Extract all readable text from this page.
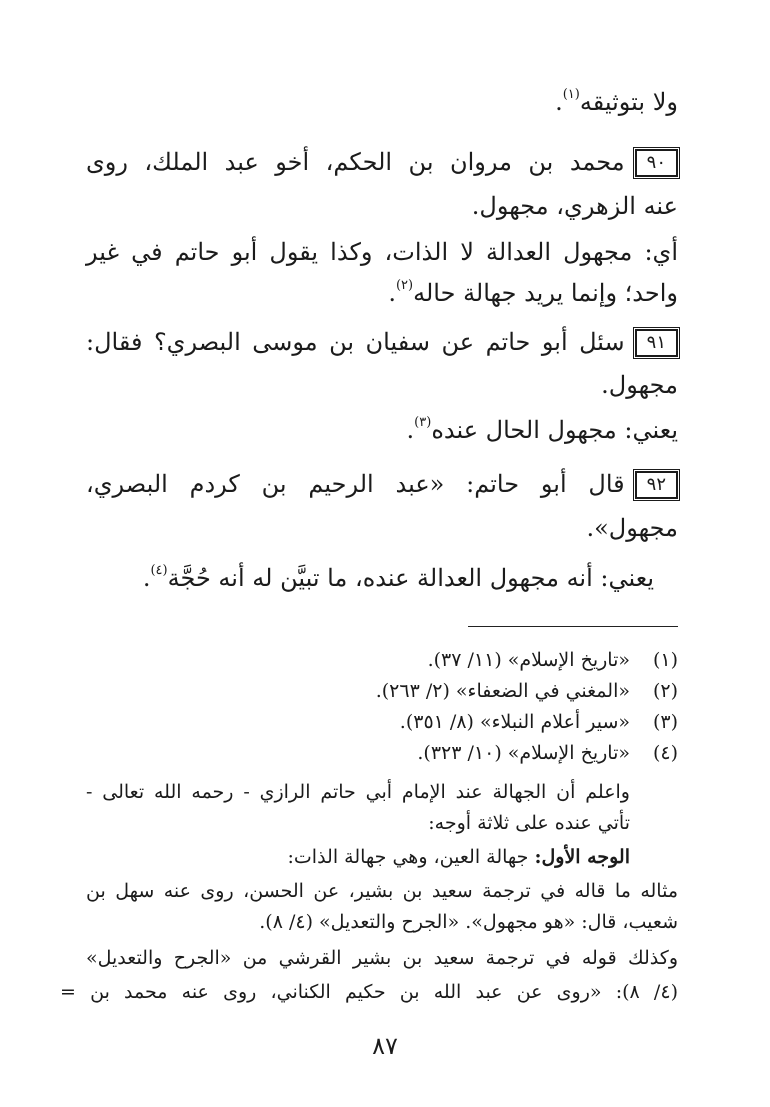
ولا بتوثيقه$^{(١)}$.
٩٠محمد بن مروان بن الحكم، أخو عبد الملك، روى
عنه الزهري، مجهول.
أي: مجهول العدالة لا الذات، وكذا يقول أبو حاتم في غير
واحد؛ وإنما يريد جهالة حاله$^{(٢)}$.
٩١سئل أبو حاتم عن سفيان بن موسى البصري؟ فقال:
مجهول.
يعني: مجهول الحال عنده$^{(٣)}$.
٩٢قال أبو حاتم: «عبد الرحيم بن كردم البصري،
مجهول».
يعني: أنه مجهول العدالة عنده، ما تبيَّن له أنه حُجَّة$^{(٤)}$.
(١)«تاريخ الإسلام» (١١/ ٣٧).
(٢)«المغني في الضعفاء» (٢/ ٢٦٣).
(٣)«سير أعلام النبلاء» (٨/ ٣٥١).
(٤)«تاريخ الإسلام» (١٠/ ٣٢٣).
واعلم أن الجهالة عند الإمام أبي حاتم الرازي - رحمه الله تعالى -
تأتي عنده على ثلاثة أوجه:
الوجه الأول: جهالة العين، وهي جهالة الذات:
مثاله ما قاله في ترجمة سعيد بن بشير، عن الحسن، روى عنه سهل بن
شعيب، قال: «هو مجهول». «الجرح والتعديل» (٤/ ٨).
وكذلك قوله في ترجمة سعيد بن بشير القرشي من «الجرح والتعديل»
(٤/ ٨): «روى عن عبد الله بن حكيم الكناني، روى عنه محمد بن =
٨٧
